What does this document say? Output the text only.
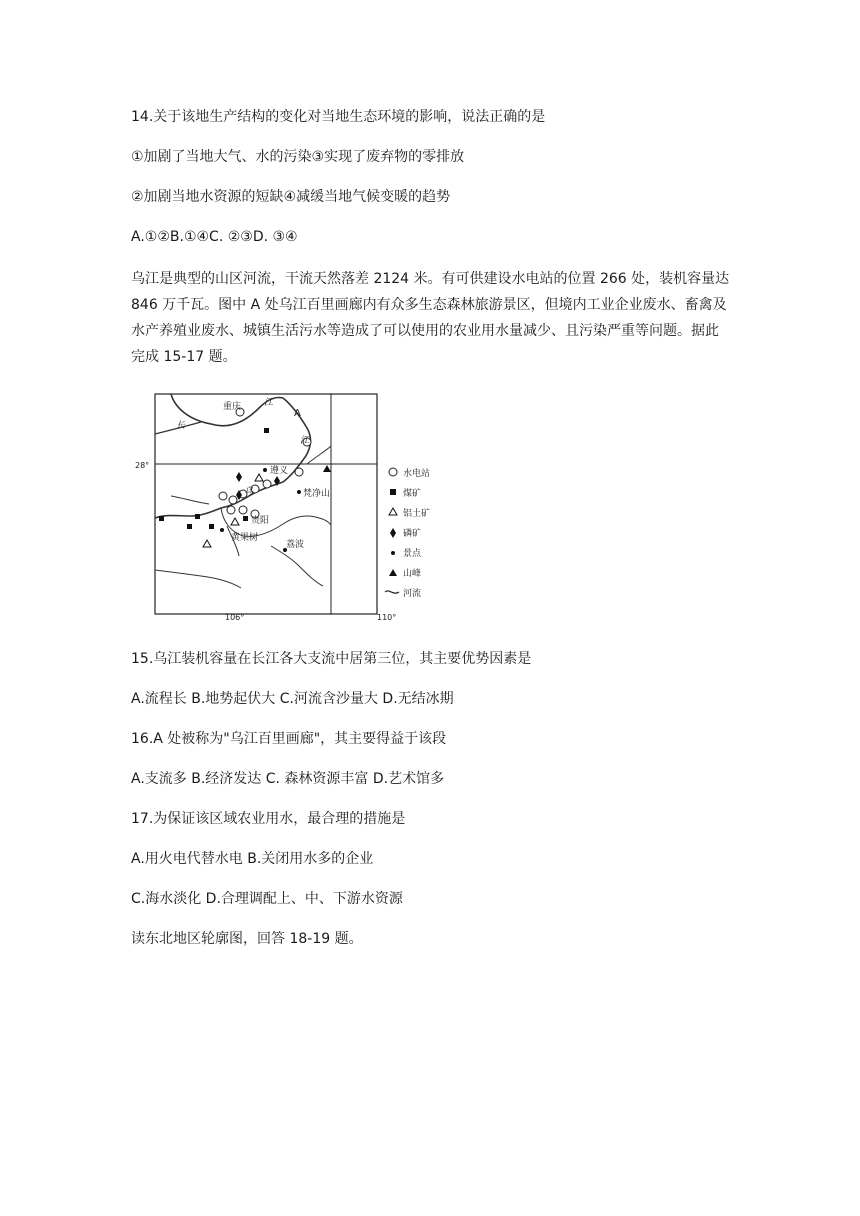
14.关于该地生产结构的变化对当地生态环境的影响，说法正确的是
①加剧了当地大气、水的污染③实现了废弃物的零排放
②加剧当地水资源的短缺④减缓当地气候变暖的趋势
A.①②B.①④C. ②③D. ③④
乌江是典型的山区河流，干流天然落差 2124 米。有可供建设水电站的位置 266 处，装机容量达 846 万千瓦。图中 A 处乌江百里画廊内有众多生态森林旅游景区，但境内工业企业废水、畜禽及水产养殖业废水、城镇生活污水等造成了可以使用的农业用水量减少、且污染严重等问题。据此完成 15-17 题。
重庆
遵义
贵阳
黄果树
荔波
梵净山
江
江
长
乌
A
28°
106°	110°
水电站
煤矿
铝土矿
磷矿
景点
山峰
河流
15.乌江装机容量在长江各大支流中居第三位，其主要优势因素是
A.流程长 B.地势起伏大 C.河流含沙量大 D.无结冰期
16.A 处被称为"乌江百里画廊"，其主要得益于该段
A.支流多 B.经济发达 C. 森林资源丰富 D.艺术馆多
17.为保证该区域农业用水，最合理的措施是
A.用火电代替水电 B.关闭用水多的企业
C.海水淡化 D.合理调配上、中、下游水资源
读东北地区轮廓图，回答 18-19 题。
